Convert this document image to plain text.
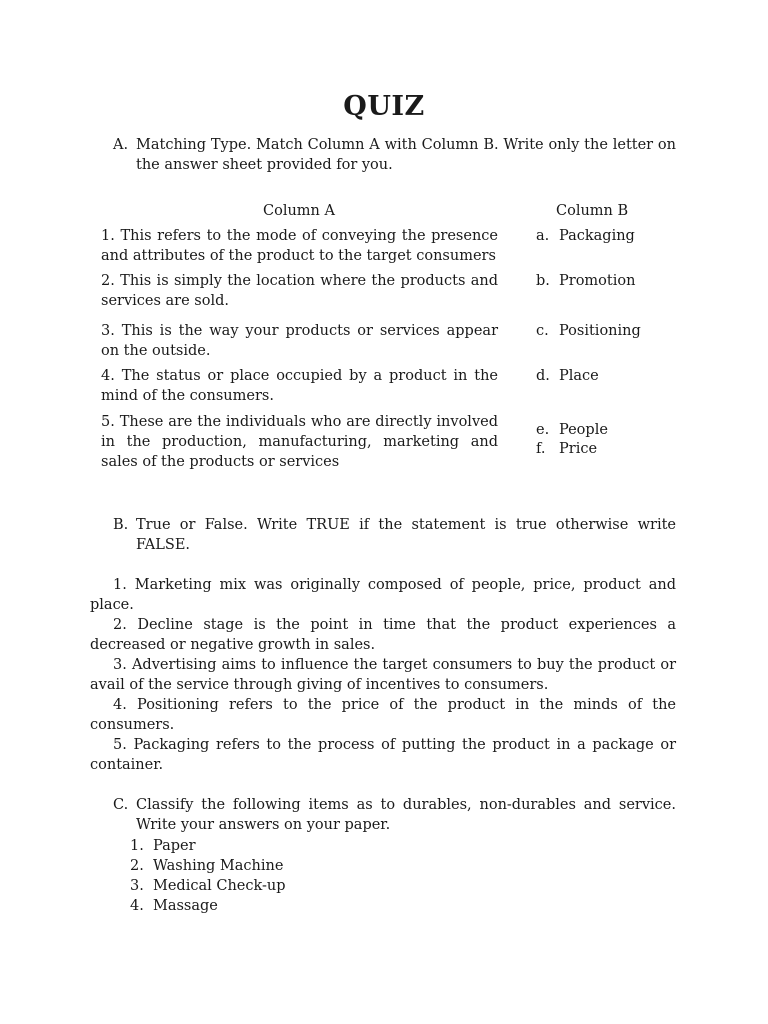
QUIZ
A. Matching Type. Match Column A with Column B. Write only the letter on the answer sheet provided for you.
Column A	Column B
1. This refers to the mode of conveying the presence and attributes of the product to the target consumers
2. This is simply the location where the products and services are sold.
3. This is the way your products or services appear on the outside.
4. The status or place occupied by a product in the mind of the consumers.
5. These are the individuals who are directly involved in the production, manufacturing, marketing and sales of the products or services
a. Packaging
b. Promotion
c. Positioning
d. Place
e. People
f. Price
B. True or False. Write TRUE if the statement is true otherwise write FALSE.
1. Marketing mix was originally composed of people, price, product and
place.
2. Decline stage is the point in time that the product experiences a
decreased or negative growth in sales.
3. Advertising aims to influence the target consumers to buy the product or
avail of the service through giving of incentives to consumers.
4. Positioning refers to the price of the product in the minds of the
consumers.
5. Packaging refers to the process of putting the product in a package or
container.
C. Classify the following items as to durables, non-durables and service. Write your answers on your paper.
1. Paper
2. Washing Machine
3. Medical Check-up
4. Massage
